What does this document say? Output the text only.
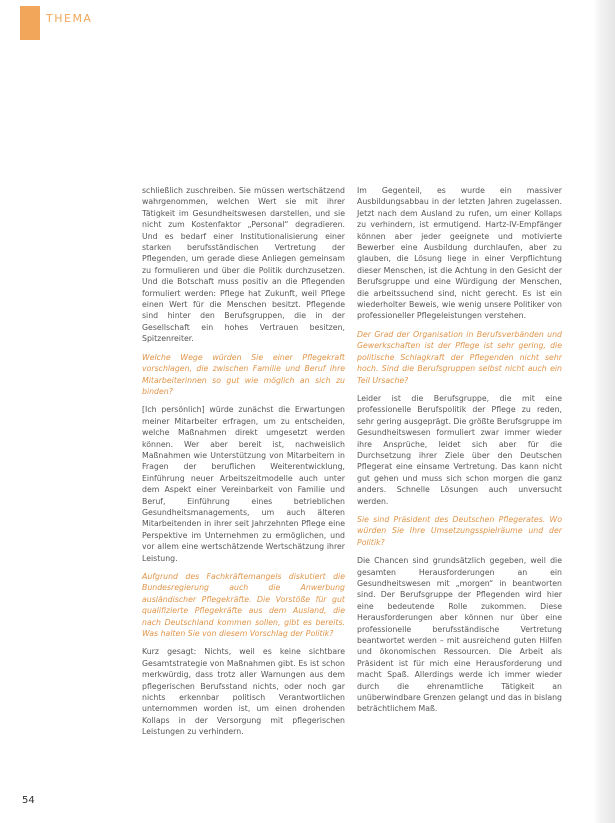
THEMA

schließlich zuschreiben. Sie müssen wertschätzend wahrgenommen, welchen Wert sie mit ihrer Tätigkeit im Gesundheitswesen darstellen, und sie nicht zum Kostenfaktor „Personal“ degradieren. Und es bedarf einer Institutionalisierung einer starken berufsständischen Vertretung der Pflegenden, um gerade diese Anliegen gemeinsam zu formulieren und über die Politik durchzusetzen. Und die Botschaft muss positiv an die Pflegenden formuliert werden: Pflege hat Zukunft, weil Pflege einen Wert für die Menschen besitzt. Pflegende sind hinter den Berufsgruppen, die in der Gesellschaft ein hohes Vertrauen besitzen, Spitzenreiter.

Welche Wege würden Sie einer Pflegekraft vorschlagen, die zwischen Familie und Beruf ihre Mitarbeiterinnen so gut wie möglich an sich zu binden?

[Ich persönlich] würde zunächst die Erwartungen meiner Mitarbeiter erfragen, um zu entscheiden, welche Maßnahmen direkt umgesetzt werden können. Wer aber bereit ist, nachweislich Maßnahmen wie Unterstützung von Mitarbeitern in Fragen der beruflichen Weiterentwicklung, Einführung neuer Arbeitszeitmodelle auch unter dem Aspekt einer Vereinbarkeit von Familie und Beruf, Einführung eines betrieblichen Gesundheitsmanagements, um auch älteren Mitarbeitenden in ihrer seit Jahrzehnten Pflege eine Perspektive im Unternehmen zu ermöglichen, und vor allem eine wertschätzende Wertschätzung ihrer Leistung.

Aufgrund des Fachkräftemangels diskutiert die Bundesregierung auch die Anwerbung ausländischer Pflegekräfte. Die Vorstöße für gut qualifizierte Pflegekräfte aus dem Ausland, die nach Deutschland kommen sollen, gibt es bereits. Was halten Sie von diesem Vorschlag der Politik?

Kurz gesagt: Nichts, weil es keine sichtbare Gesamtstrategie von Maßnahmen gibt. Es ist schon merkwürdig, dass trotz aller Warnungen aus dem pflegerischen Berufsstand nichts, oder noch gar nichts erkennbar politisch Verantwortlichen unternommen worden ist, um einen drohenden Kollaps in der Versorgung mit pflegerischen Leistungen zu verhindern.

Im Gegenteil, es wurde ein massiver Ausbildungsabbau in der letzten Jahren zugelassen. Jetzt nach dem Ausland zu rufen, um einer Kollaps zu verhindern, ist ermutigend. Hartz-IV-Empfänger können aber jeder geeignete und motivierte Bewerber eine Ausbildung durchlaufen, aber zu glauben, die Lösung liege in einer Verpflichtung dieser Menschen, ist die Achtung in den Gesicht der Berufsgruppe und eine Würdigung der Menschen, die arbeitssuchend sind, nicht gerecht. Es ist ein wiederholter Beweis, wie wenig unsere Politiker von professioneller Pflegeleistungen verstehen.

Der Grad der Organisation in Berufsverbänden und Gewerkschaften ist der Pflege ist sehr gering, die politische Schlagkraft der Pflegenden nicht sehr hoch. Sind die Berufsgruppen selbst nicht auch ein Teil Ursache?

Leider ist die Berufsgruppe, die mit eine professionelle Berufspolitik der Pflege zu reden, sehr gering ausgeprägt. Die größte Berufsgruppe im Gesundheitswesen formuliert zwar immer wieder ihre Ansprüche, leidet sich aber für die Durchsetzung ihrer Ziele über den Deutschen Pflegerat eine einsame Vertretung. Das kann nicht gut gehen und muss sich schon morgen die ganz anders. Schnelle Lösungen auch unversucht werden.

Sie sind Präsident des Deutschen Pflegerates. Wo würden Sie Ihre Umsetzungsspielräume und der Politik?

Die Chancen sind grundsätzlich gegeben, weil die gesamten Herausforderungen an ein Gesundheitswesen mit „morgen“ in beantworten sind. Der Berufsgruppe der Pflegenden wird hier eine bedeutende Rolle zukommen. Diese Herausforderungen aber können nur über eine professionelle berufsständische Vertretung beantwortet werden – mit ausreichend guten Hilfen und ökonomischen Ressourcen. Die Arbeit als Präsident ist für mich eine Herausforderung und macht Spaß. Allerdings werde ich immer wieder durch die ehrenamtliche Tätigkeit an unüberwindbare Grenzen gelangt und das in bislang beträchtlichem Maß.

54
